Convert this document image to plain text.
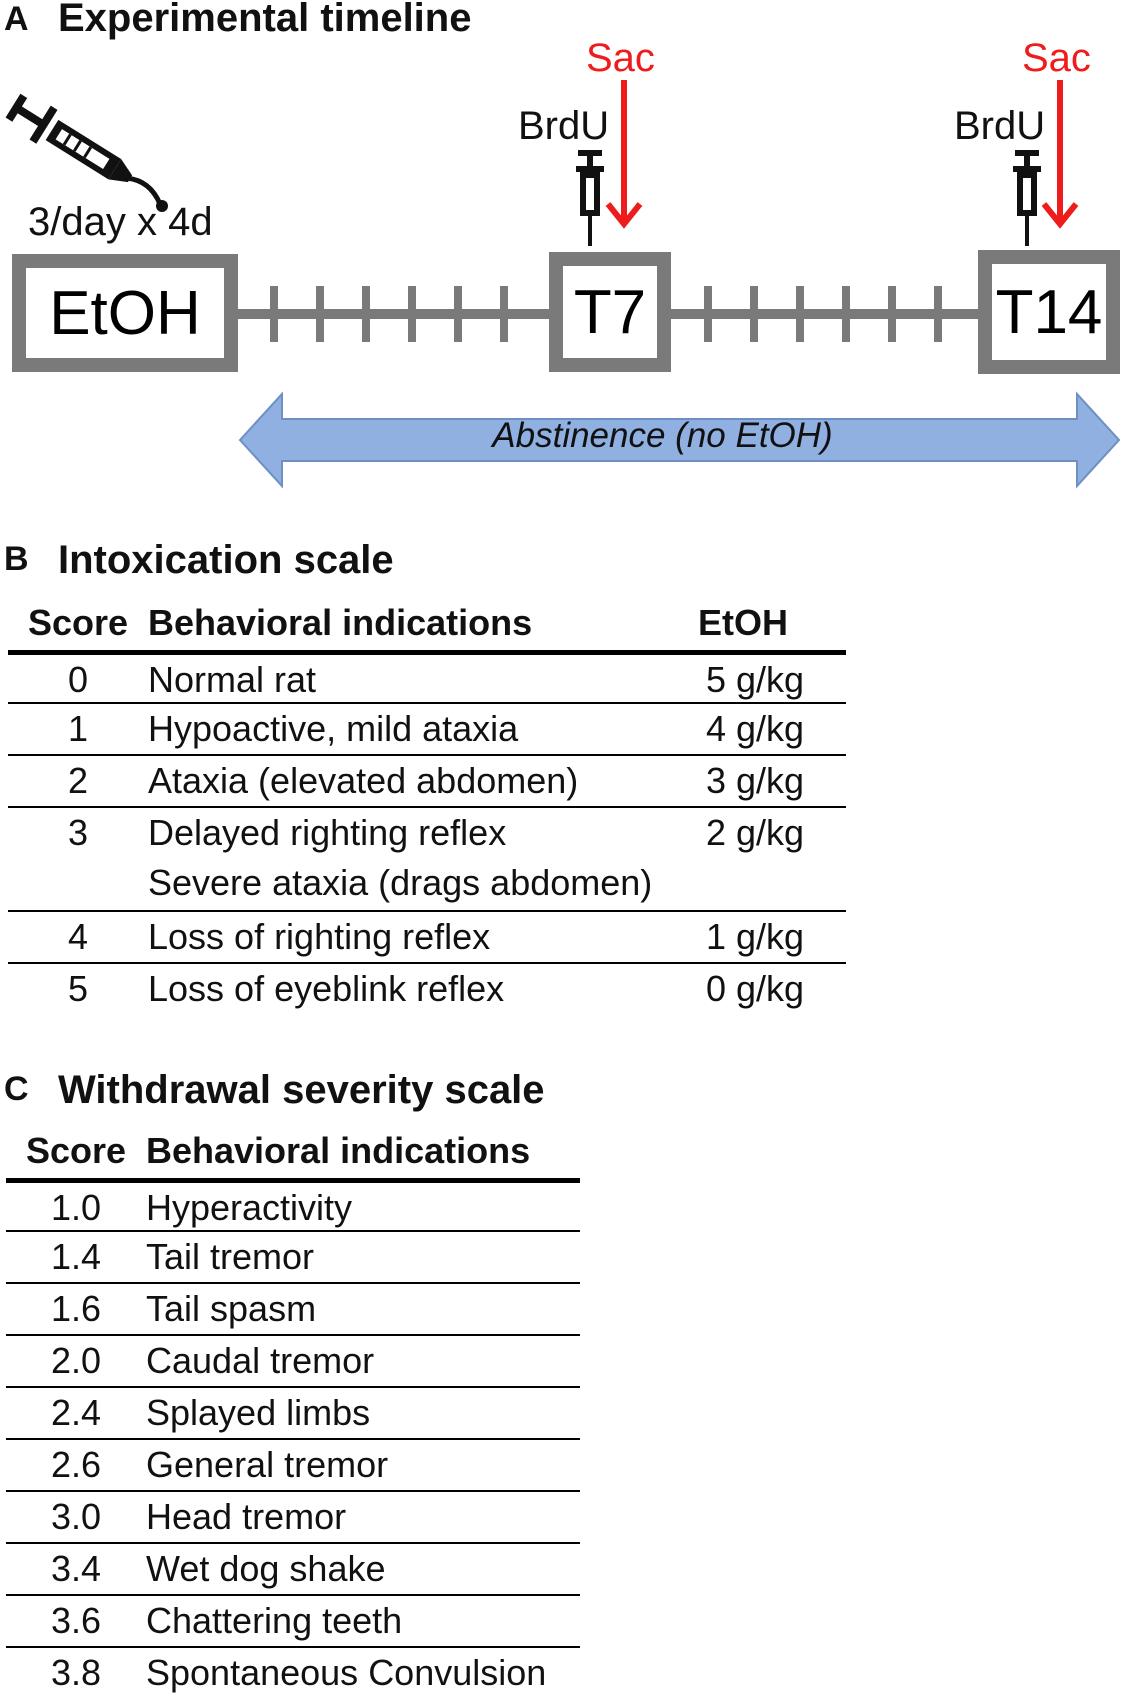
A Experimental timeline
3/day x 4d
EtOH	T7	T14
BrdU
Sac
BrdU
Sac
Abstinence (no EtOH)
B Intoxication scale
Score	Behavioral indications	EtOH
0	Normal rat	5 g/kg
1	Hypoactive, mild ataxia	4 g/kg
2	Ataxia (elevated abdomen)	3 g/kg
3	Delayed righting reflex
Severe ataxia (drags abdomen)	2 g/kg
4	Loss of righting reflex	1 g/kg
5	Loss of eyeblink reflex	0 g/kg
C Withdrawal severity scale
Score	Behavioral indications
1.0	Hyperactivity
1.4	Tail tremor
1.6	Tail spasm
2.0	Caudal tremor
2.4	Splayed limbs
2.6	General tremor
3.0	Head tremor
3.4	Wet dog shake
3.6	Chattering teeth
3.8	Spontaneous Convulsion
